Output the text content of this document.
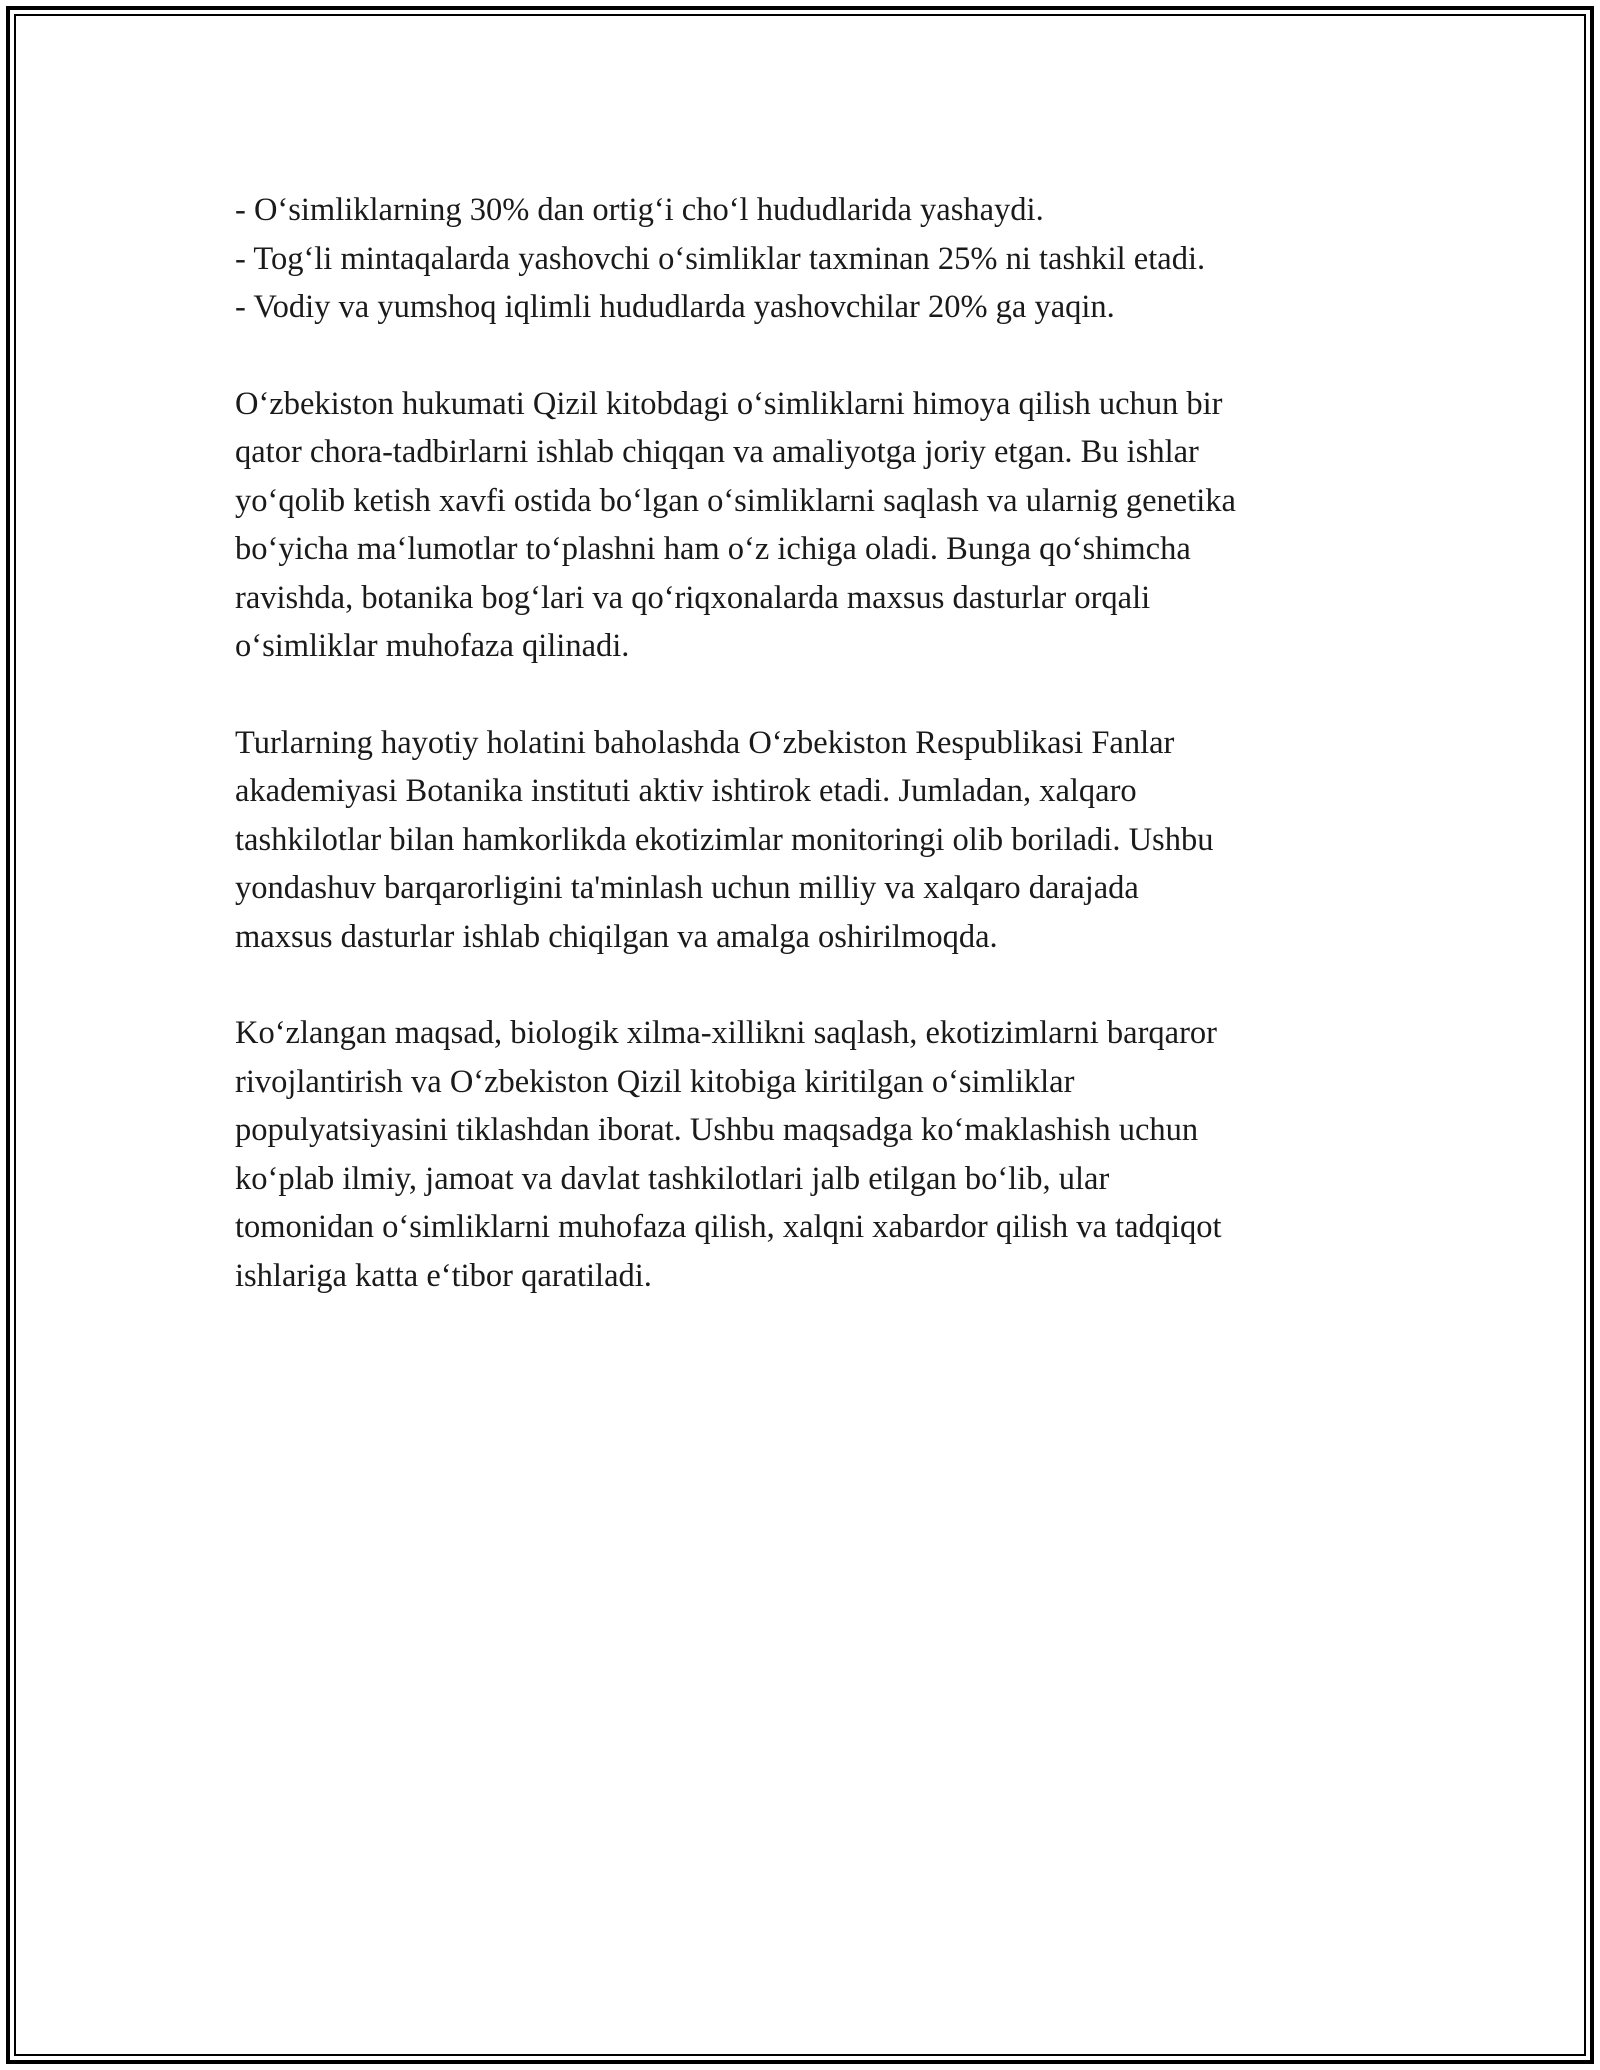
- O‘simliklarning 30% dan ortig‘i cho‘l hududlarida yashaydi.
- Tog‘li mintaqalarda yashovchi o‘simliklar taxminan 25% ni tashkil etadi.
- Vodiy va yumshoq iqlimli hududlarda yashovchilar 20% ga yaqin.

O‘zbekiston hukumati Qizil kitobdagi o‘simliklarni himoya qilish uchun bir
qator chora-tadbirlarni ishlab chiqqan va amaliyotga joriy etgan. Bu ishlar
yo‘qolib ketish xavfi ostida bo‘lgan o‘simliklarni saqlash va ularnig genetika
bo‘yicha ma‘lumotlar to‘plashni ham o‘z ichiga oladi. Bunga qo‘shimcha
ravishda, botanika bog‘lari va qo‘riqxonalarda maxsus dasturlar orqali
o‘simliklar muhofaza qilinadi.

Turlarning hayotiy holatini baholashda O‘zbekiston Respublikasi Fanlar
akademiyasi Botanika instituti aktiv ishtirok etadi. Jumladan, xalqaro
tashkilotlar bilan hamkorlikda ekotizimlar monitoringi olib boriladi. Ushbu
yondashuv barqarorligini ta'minlash uchun milliy va xalqaro darajada
maxsus dasturlar ishlab chiqilgan va amalga oshirilmoqda.

Ko‘zlangan maqsad, biologik xilma-xillikni saqlash, ekotizimlarni barqaror
rivojlantirish va O‘zbekiston Qizil kitobiga kiritilgan o‘simliklar
populyatsiyasini tiklashdan iborat. Ushbu maqsadga ko‘maklashish uchun
ko‘plab ilmiy, jamoat va davlat tashkilotlari jalb etilgan bo‘lib, ular
tomonidan o‘simliklarni muhofaza qilish, xalqni xabardor qilish va tadqiqot
ishlariga katta e‘tibor qaratiladi.
